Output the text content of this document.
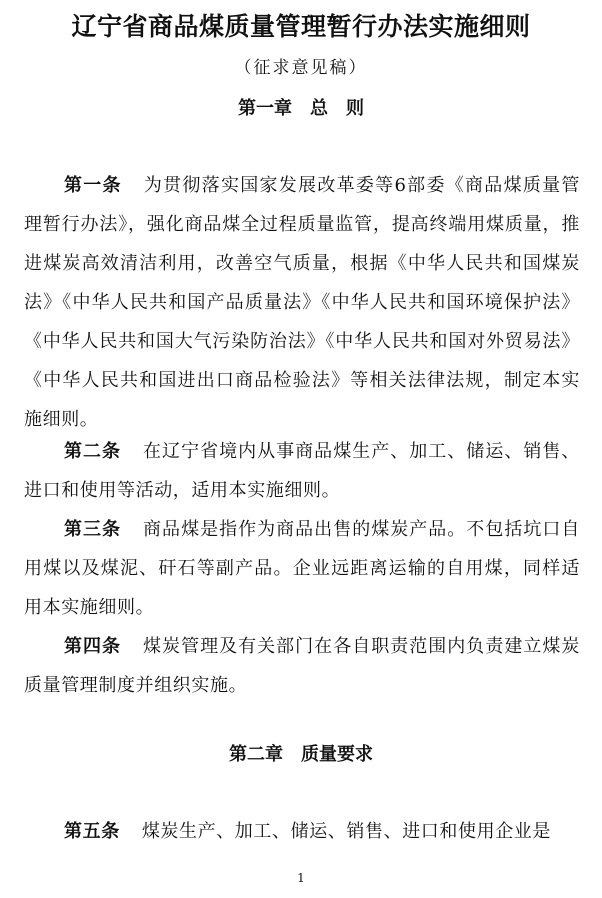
辽宁省商品煤质量管理暂行办法实施细则
（征求意见稿）
第一章　总　则

第一条 为贯彻落实国家发展改革委等6部委《商品煤质量管理暂行办法》，强化商品煤全过程质量监管，提高终端用煤质量，推进煤炭高效清洁利用，改善空气质量，根据《中华人民共和国煤炭法》《中华人民共和国产品质量法》《中华人民共和国环境保护法》《中华人民共和国大气污染防治法》《中华人民共和国对外贸易法》《中华人民共和国进出口商品检验法》等相关法律法规，制定本实施细则。

第二条 在辽宁省境内从事商品煤生产、加工、储运、销售、进口和使用等活动，适用本实施细则。

第三条 商品煤是指作为商品出售的煤炭产品。不包括坑口自用煤以及煤泥、矸石等副产品。企业远距离运输的自用煤，同样适用本实施细则。

第四条 煤炭管理及有关部门在各自职责范围内负责建立煤炭质量管理制度并组织实施。

第二章　质量要求

第五条 煤炭生产、加工、储运、销售、进口和使用企业是

1
